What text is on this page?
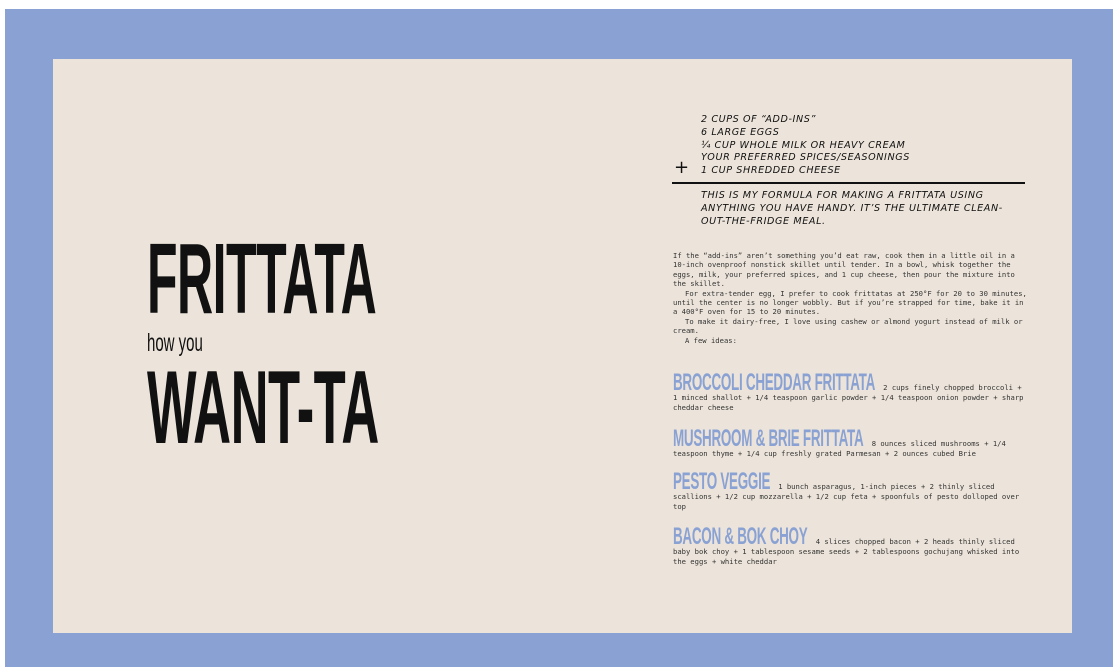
FRITTATA
how you
WANT-TA
2 CUPS OF “ADD-INS”
6 LARGE EGGS
¼ CUP WHOLE MILK OR HEAVY CREAM
YOUR PREFERRED SPICES/SEASONINGS
1 CUP SHREDDED CHEESE
+

THIS IS MY FORMULA FOR MAKING A FRITTATA USING ANYTHING YOU HAVE HANDY. IT’S THE ULTIMATE CLEAN-OUT-THE-FRIDGE MEAL.

If the “add-ins” aren’t something you’d eat raw, cook them in a little oil in a 10-inch ovenproof nonstick skillet until tender. In a bowl, whisk together the eggs, milk, your preferred spices, and 1 cup cheese, then pour the mixture into the skillet.

For extra-tender egg, I prefer to cook frittatas at 250°F for 20 to 30 minutes, until the center is no longer wobbly. But if you’re strapped for time, bake it in a 400°F oven for 15 to 20 minutes.

To make it dairy-free, I love using cashew or almond yogurt instead of milk or cream.

A few ideas:

BROCCOLI CHEDDAR FRITTATA 2 cups finely chopped broccoli + 1 minced shallot + 1/4 teaspoon garlic powder + 1/4 teaspoon onion powder + sharp cheddar cheese
MUSHROOM & BRIE FRITTATA 8 ounces sliced mushrooms + 1/4 teaspoon thyme + 1/4 cup freshly grated Parmesan + 2 ounces cubed Brie
PESTO VEGGIE 1 bunch asparagus, 1-inch pieces + 2 thinly sliced scallions + 1/2 cup mozzarella + 1/2 cup feta + spoonfuls of pesto dolloped over top
BACON & BOK CHOY 4 slices chopped bacon + 2 heads thinly sliced baby bok choy + 1 tablespoon sesame seeds + 2 tablespoons gochujang whisked into the eggs + white cheddar
